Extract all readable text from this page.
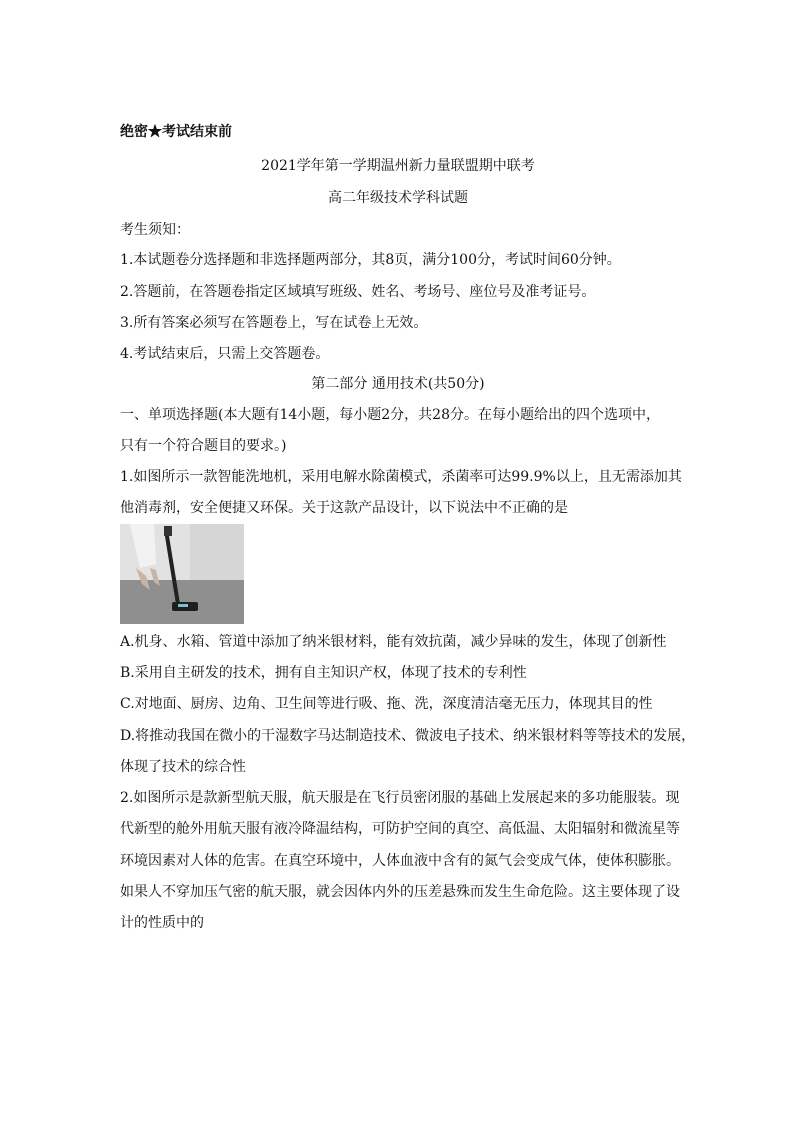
绝密★考试结束前
2021学年第一学期温州新力量联盟期中联考
高二年级技术学科试题
考生须知：
1.本试题卷分选择题和非选择题两部分，其8页，满分100分，考试时间60分钟。
2.答题前，在答题卷指定区域填写班级、姓名、考场号、座位号及准考证号。
3.所有答案必须写在答题卷上，写在试卷上无效。
4.考试结束后，只需上交答题卷。
第二部分 通用技术(共50分)
一、单项选择题(本大题有14小题，每小题2分，共28分。在每小题给出的四个选项中，
只有一个符合题目的要求。)
1.如图所示一款智能洗地机，采用电解水除菌模式，杀菌率可达99.9%以上，且无需添加其
他消毒剂，安全便捷又环保。关于这款产品设计，以下说法中不正确的是
A.机身、水箱、管道中添加了纳米银材料，能有效抗菌，减少异味的发生，体现了创新性
B.采用自主研发的技术，拥有自主知识产权，体现了技术的专利性
C.对地面、厨房、边角、卫生间等进行吸、拖、洗，深度清洁毫无压力，体现其目的性
D.将推动我国在微小的干湿数字马达制造技术、微波电子技术、纳米银材料等等技术的发展，
体现了技术的综合性
2.如图所示是款新型航天服，航天服是在飞行员密闭服的基础上发展起来的多功能服装。现
代新型的舱外用航天服有液冷降温结构，可防护空间的真空、高低温、太阳辐射和微流星等
环境因素对人体的危害。在真空环境中，人体血液中含有的氮气会变成气体，使体积膨胀。
如果人不穿加压气密的航天服，就会因体内外的压差悬殊而发生生命危险。这主要体现了设
计的性质中的
